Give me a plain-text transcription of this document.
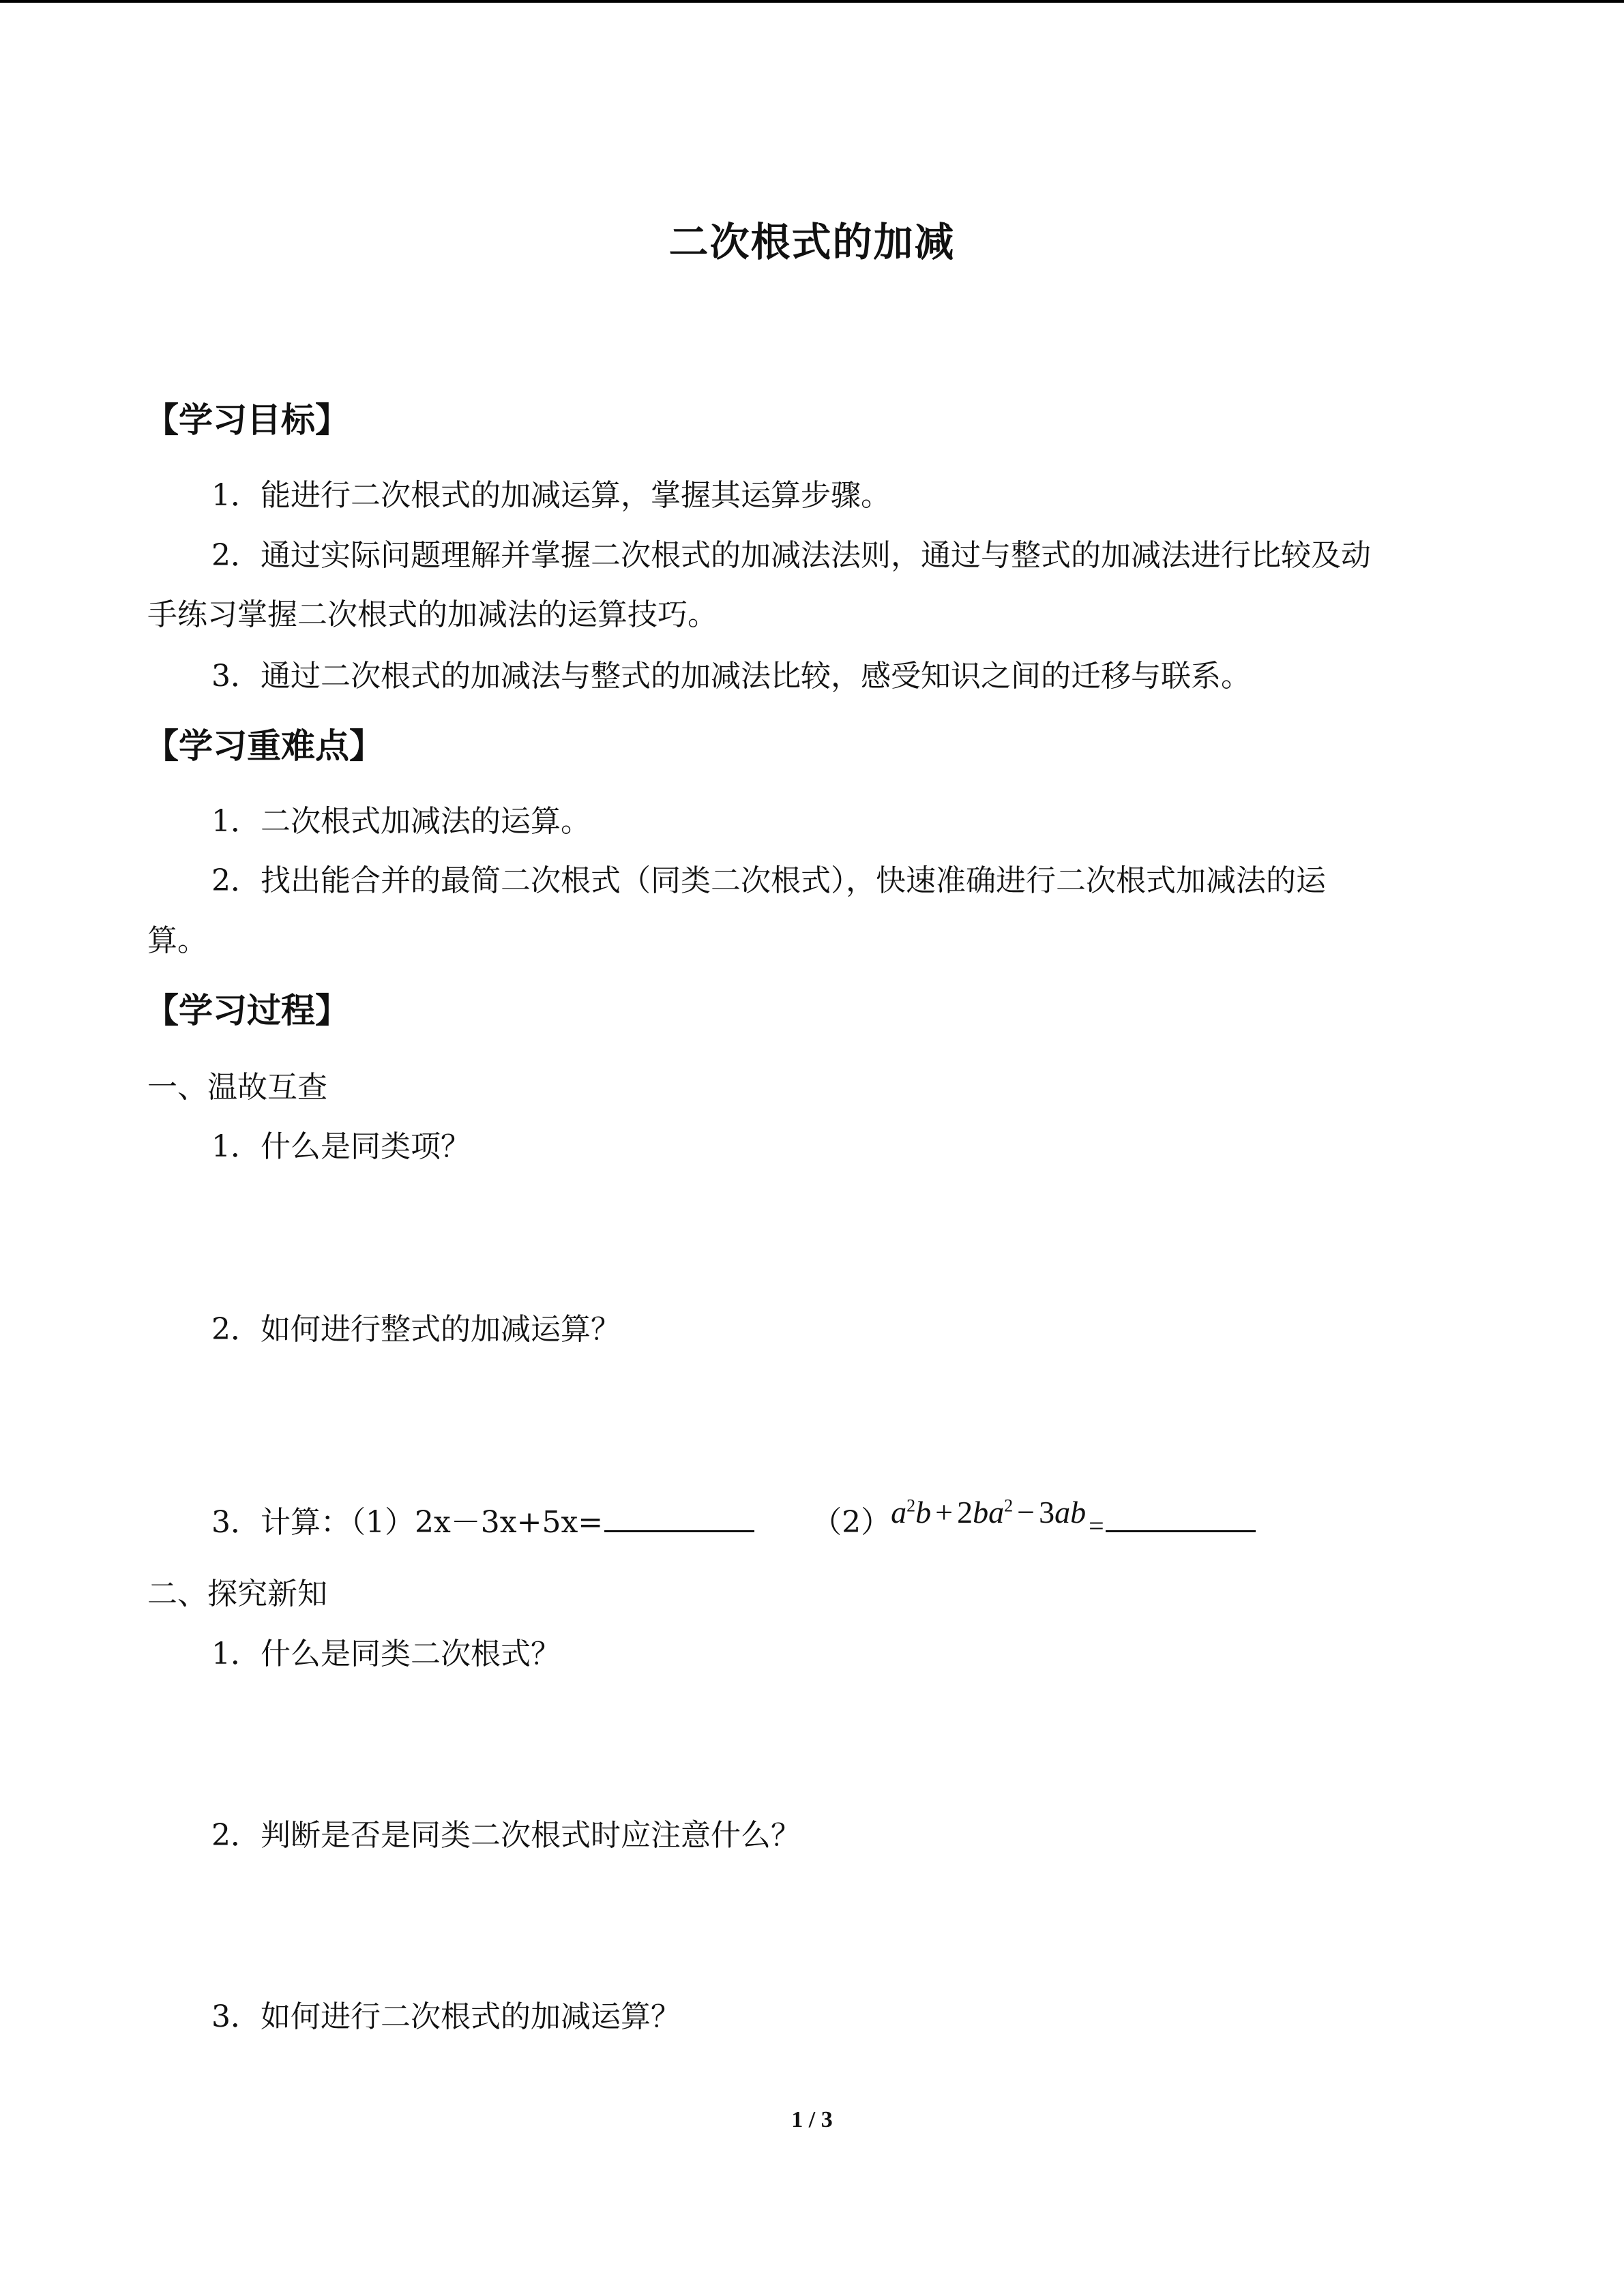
二次根式的加减
【学习目标】
1．能进行二次根式的加减运算，掌握其运算步骤。
2．通过实际问题理解并掌握二次根式的加减法法则，通过与整式的加减法进行比较及动
手练习掌握二次根式的加减法的运算技巧。
3．通过二次根式的加减法与整式的加减法比较，感受知识之间的迁移与联系。
【学习重难点】
1．二次根式加减法的运算。
2．找出能合并的最简二次根式（同类二次根式），快速准确进行二次根式加减法的运
算。
【学习过程】
一、温故互查
1．什么是同类项？
2．如何进行整式的加减运算？
3．计算：（1）2x－3x+5x=	$(2)a^2b + 2ba^2 - 3ab$ =
二、探究新知
1．什么是同类二次根式？
2．判断是否是同类二次根式时应注意什么？
3．如何进行二次根式的加减运算？
1 / 3
